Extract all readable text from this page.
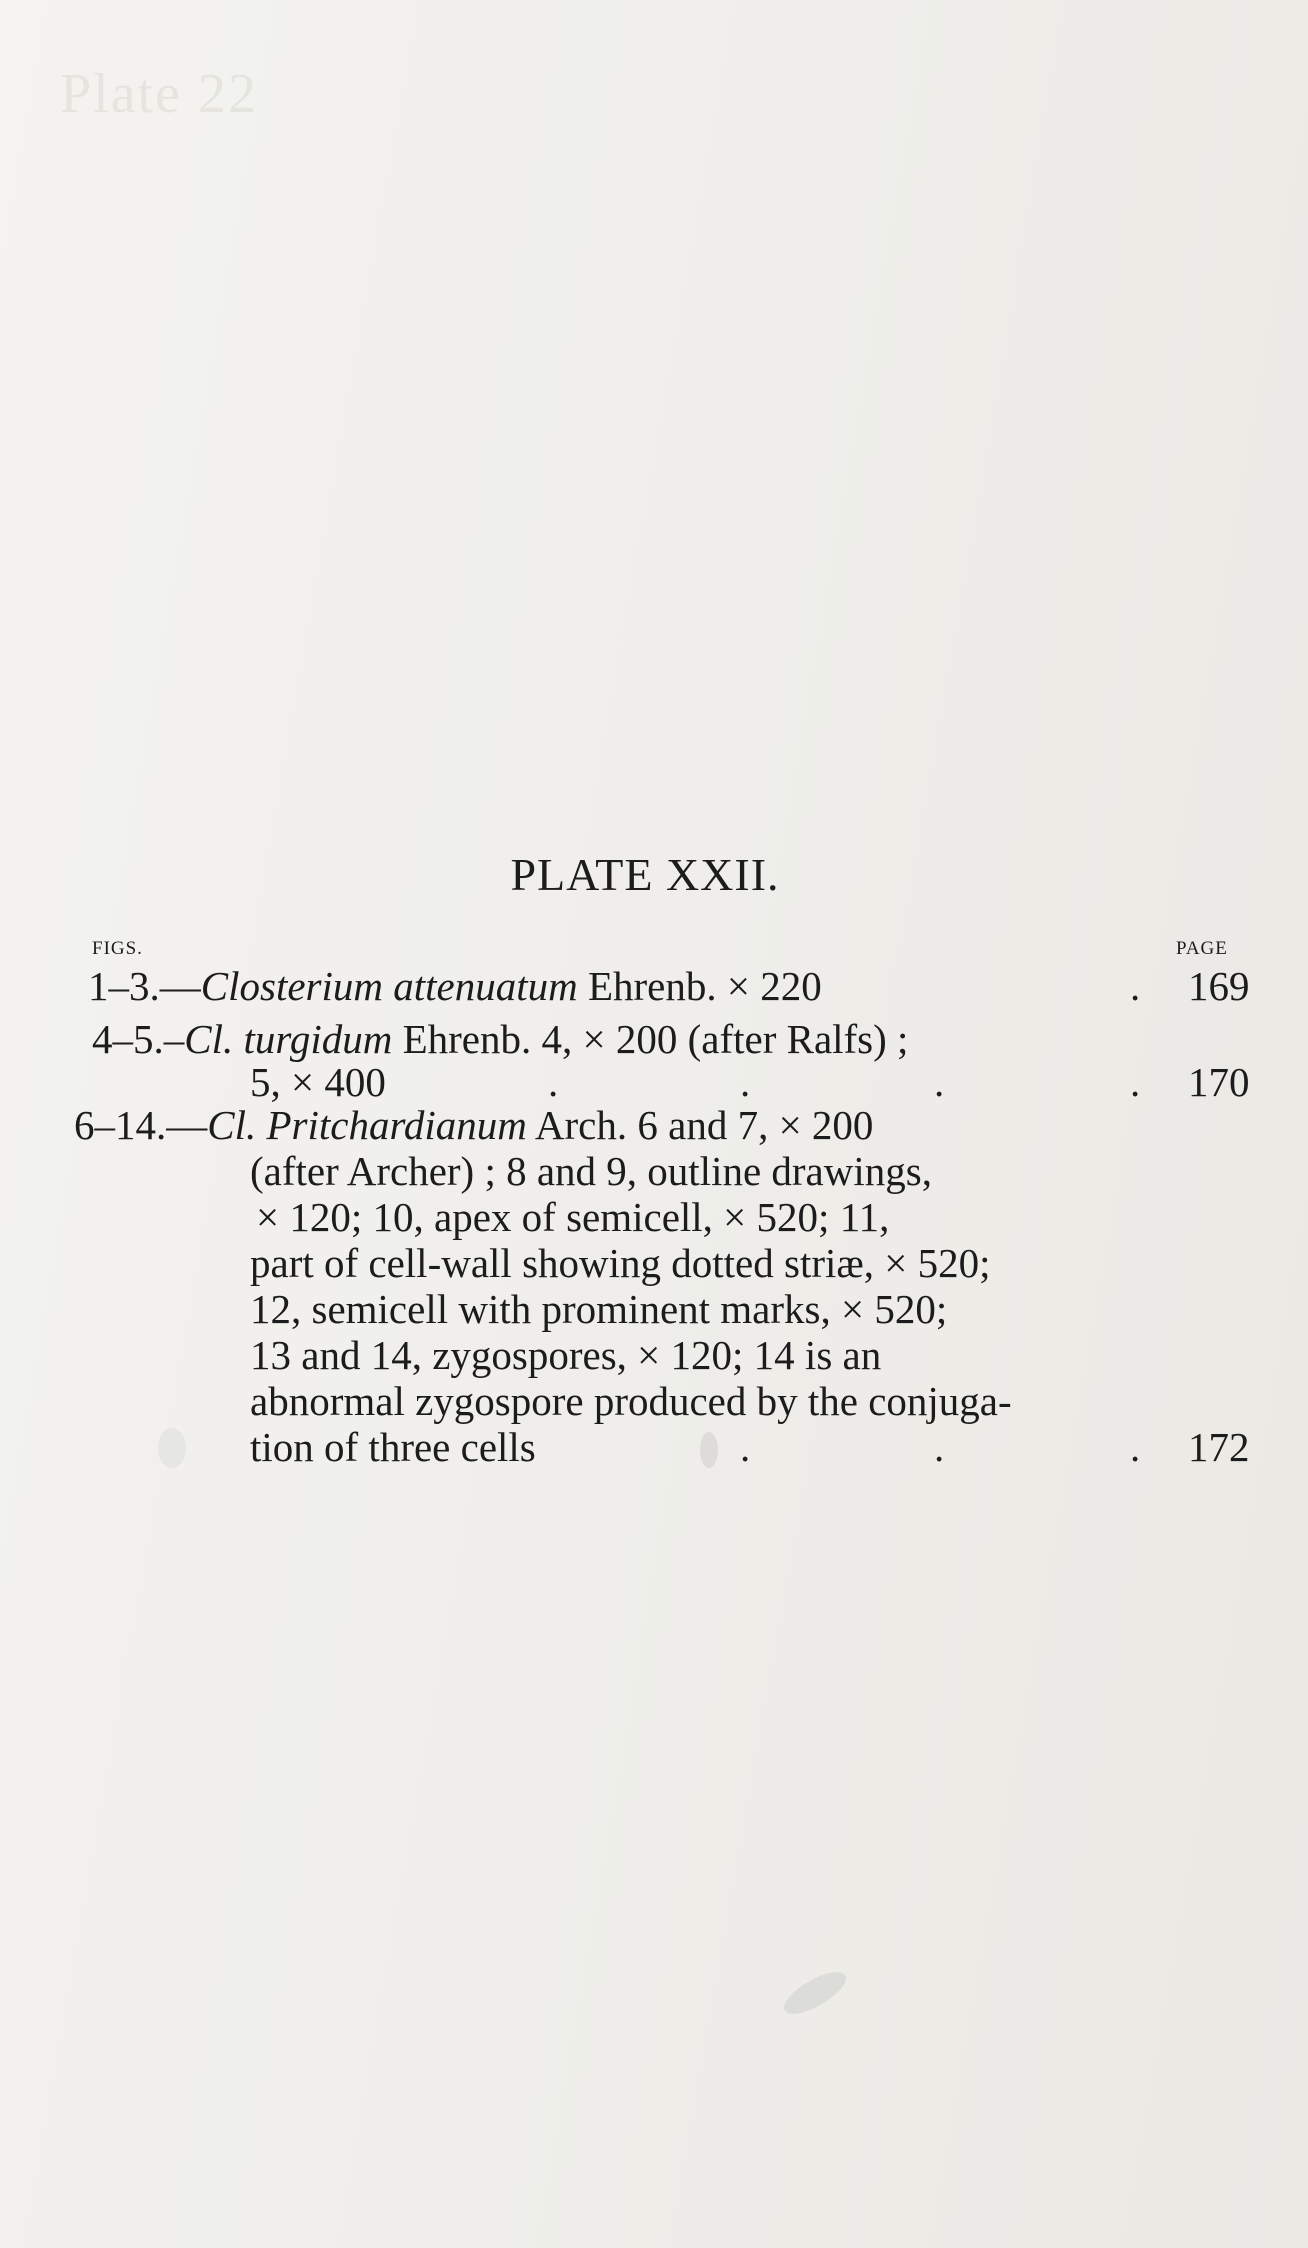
Plate 22
PLATE XXII.
FIGS.	PAGE
1–3.—Closterium attenuatum Ehrenb. × 220	. 169
4–5.–Cl. turgidum Ehrenb. 4, × 200 (after Ralfs) ;
5, × 400	.	.	.	. 170
6–14.—Cl. Pritchardianum Arch. 6 and 7, × 200
(after Archer) ; 8 and 9, outline drawings,
× 120; 10, apex of semicell, × 520; 11,
part of cell-wall showing dotted striæ, × 520;
12, semicell with prominent marks, × 520;
13 and 14, zygospores, × 120; 14 is an
abnormal zygospore produced by the conjuga-
tion of three cells	.	.	. 172
